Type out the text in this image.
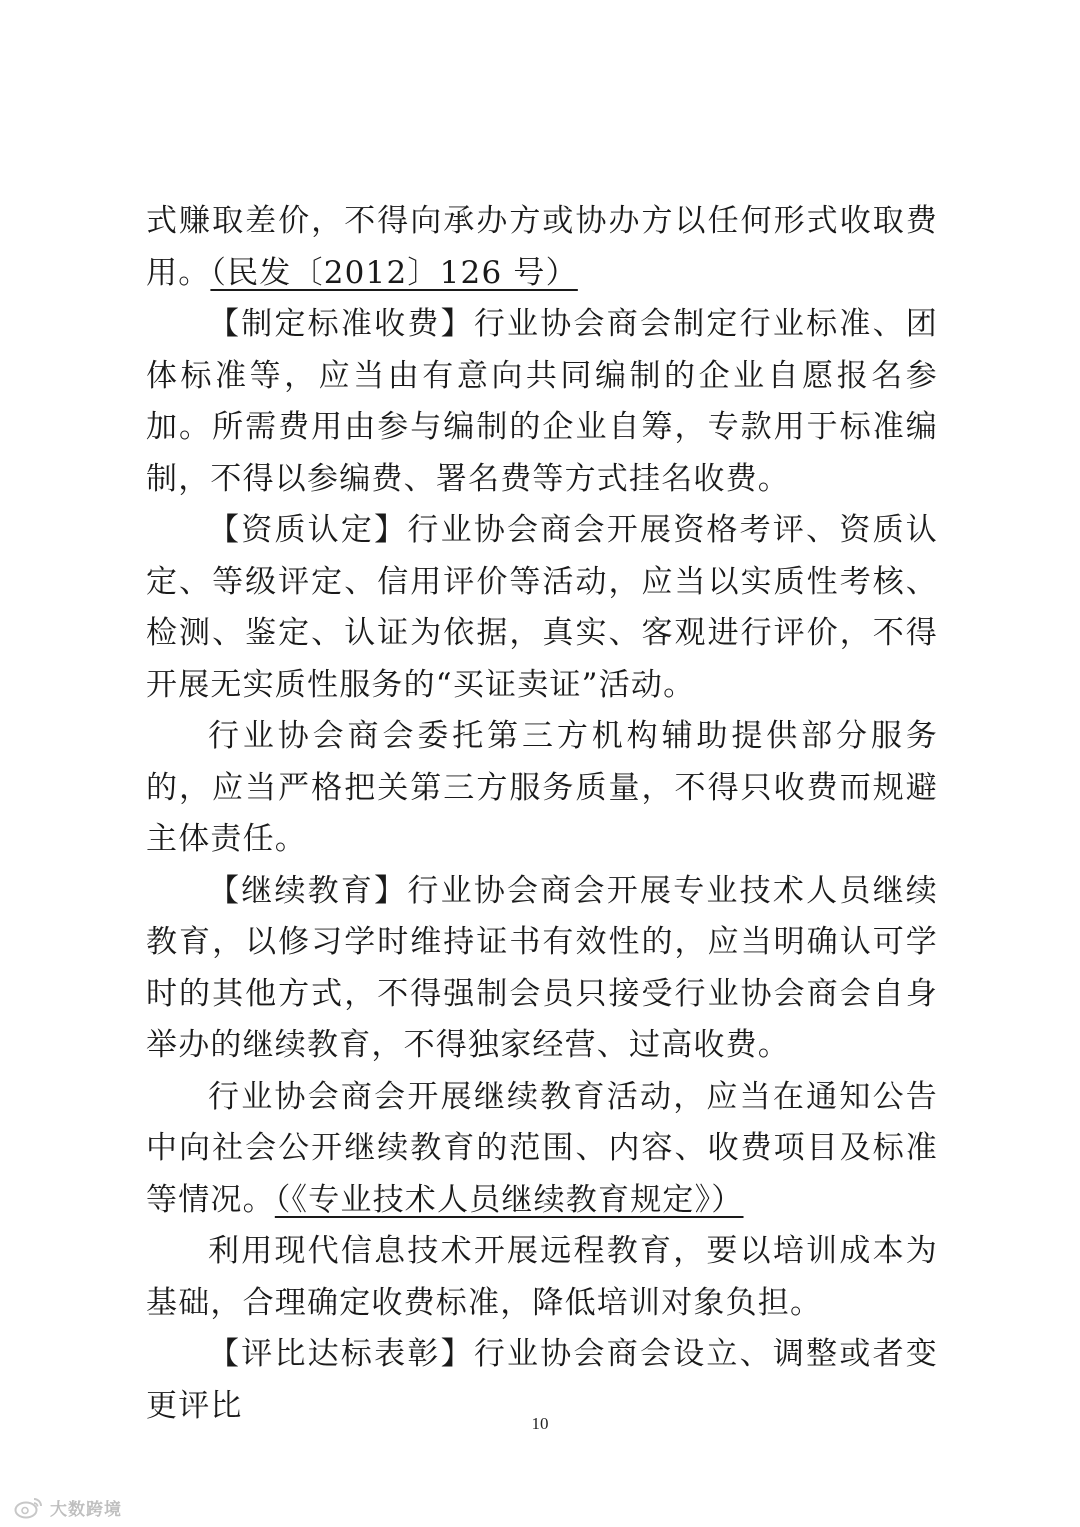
式赚取差价，不得向承办方或协办方以任何形式收取费用。（民发〔2012〕126 号）

【制定标准收费】行业协会商会制定行业标准、团体标准等，应当由有意向共同编制的企业自愿报名参加。所需费用由参与编制的企业自筹，专款用于标准编制，不得以参编费、署名费等方式挂名收费。

【资质认定】行业协会商会开展资格考评、资质认定、等级评定、信用评价等活动，应当以实质性考核、检测、鉴定、认证为依据，真实、客观进行评价，不得开展无实质性服务的“买证卖证”活动。

行业协会商会委托第三方机构辅助提供部分服务的，应当严格把关第三方服务质量，不得只收费而规避主体责任。

【继续教育】行业协会商会开展专业技术人员继续教育，以修习学时维持证书有效性的，应当明确认可学时的其他方式，不得强制会员只接受行业协会商会自身举办的继续教育，不得独家经营、过高收费。

行业协会商会开展继续教育活动，应当在通知公告中向社会公开继续教育的范围、内容、收费项目及标准等情况。（《专业技术人员继续教育规定》）

利用现代信息技术开展远程教育，要以培训成本为基础，合理确定收费标准，降低培训对象负担。

【评比达标表彰】行业协会商会设立、调整或者变更评比	10
大数跨境
